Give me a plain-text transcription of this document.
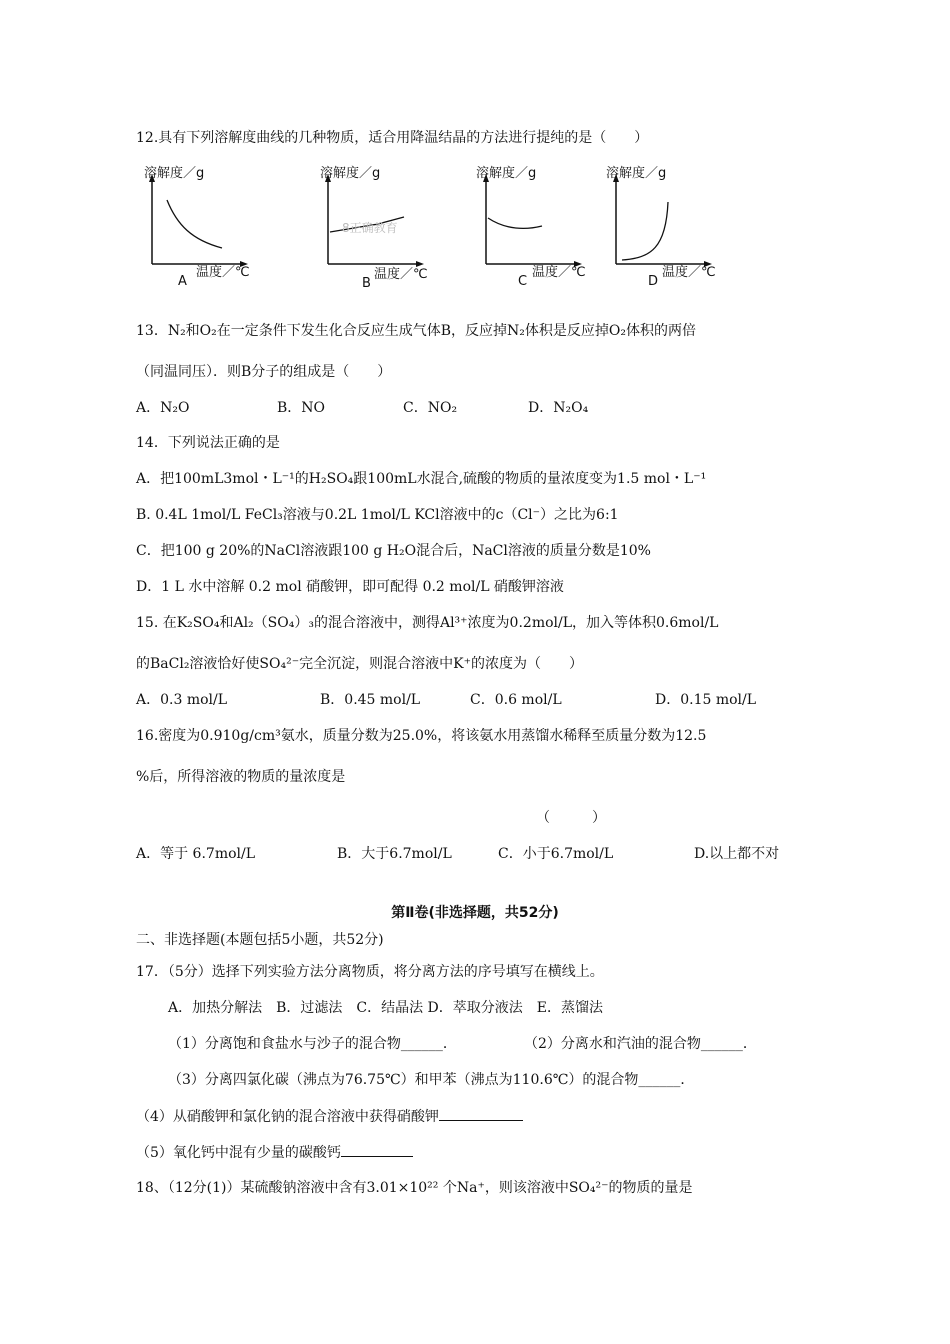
12.具有下列溶解度曲线的几种物质，适合用降温结晶的方法进行提纯的是（　　）
溶解度／g
温度／℃
A
溶解度／g
温度／℃
B
8正确教育
溶解度／g
温度／℃
C
溶解度／g
温度／℃
D
13．N₂和O₂在一定条件下发生化合反应生成气体B，反应掉N₂体积是反应掉O₂体积的两倍
（同温同压）．则B分子的组成是（　　）
A．N₂O	B．NO	C．NO₂	D．N₂O₄
14．下列说法正确的是
A．把100mL3mol・L⁻¹的H₂SO₄跟100mL水混合,硫酸的物质的量浓度变为1.5 mol・L⁻¹
B. 0.4L 1mol/L FeCl₃溶液与0.2L 1mol/L KCl溶液中的c（Cl⁻）之比为6:1
C．把100 g 20%的NaCl溶液跟100 g H₂O混合后，NaCl溶液的质量分数是10%
D．1 L 水中溶解 0.2 mol 硝酸钾，即可配得 0.2 mol/L 硝酸钾溶液
15. 在K₂SO₄和Al₂（SO₄）₃的混合溶液中，测得Al³⁺浓度为0.2mol/L，加入等体积0.6mol/L
的BaCl₂溶液恰好使SO₄²⁻完全沉淀，则混合溶液中K⁺的浓度为（　　）
A．0.3 mol/L	B．0.45 mol/L	C．0.6 mol/L	D．0.15 mol/L
16.密度为0.910g/cm³氨水，质量分数为25.0%，将该氨水用蒸馏水稀释至质量分数为12.5
%后，所得溶液的物质的量浓度是
（　　　）
A．等于 6.7mol/L	B．大于6.7mol/L	C．小于6.7mol/L	D.以上都不对
第Ⅱ卷(非选择题，共52分)
二、非选择题(本题包括5小题，共52分)
17．（5分）选择下列实验方法分离物质，将分离方法的序号填写在横线上。
A．加热分解法　B．过滤法　C．结晶法 D．萃取分液法　E．蒸馏法
（1）分离饱和食盐水与沙子的混合物______．	（2）分离水和汽油的混合物______．
（3）分离四氯化碳（沸点为76.75℃）和甲苯（沸点为110.6℃）的混合物______．
（4）从硝酸钾和氯化钠的混合溶液中获得硝酸钾
（5）氧化钙中混有少量的碳酸钙
18、（12分(1)）某硫酸钠溶液中含有3.01×10²² 个Na⁺，则该溶液中SO₄²⁻的物质的量是
